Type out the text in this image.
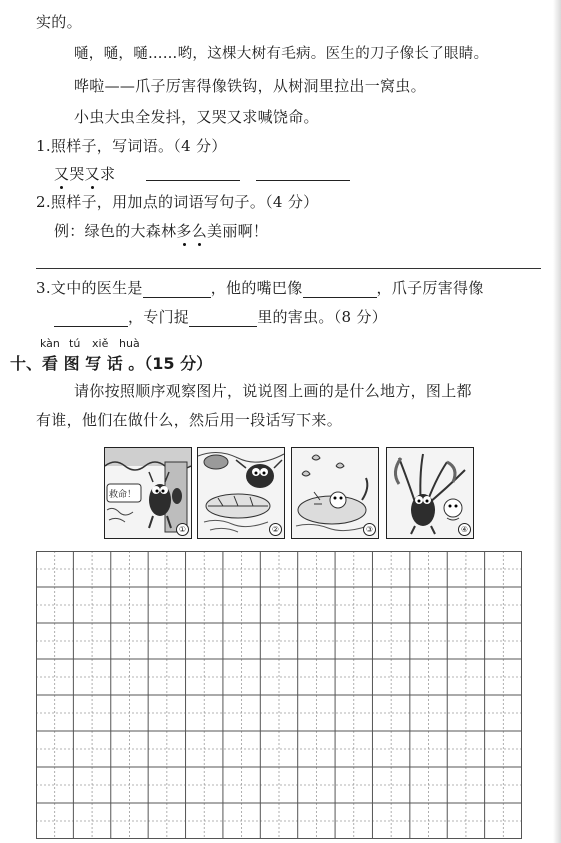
实的。
嗵，嗵，嗵……哟，这棵大树有毛病。医生的刀子像长了眼睛。
哗啦——爪子厉害得像铁钩，从树洞里拉出一窝虫。
小虫大虫全发抖，又哭又求喊饶命。
1.照样子，写词语。（4 分）
又哭又求
2.照样子，用加点的词语写句子。（4 分）
例：绿色的大森林多么美丽啊！
3.文中的医生是	，他的嘴巴像	，爪子厉害得像
，专门捉	里的害虫。（8 分）
kàn tú xiě huà
十、看 图 写 话 。（15 分）
请你按照顺序观察图片，说说图上画的是什么地方，图上都
有谁，他们在做什么，然后用一段话写下来。
救命！
①	②	③	④
